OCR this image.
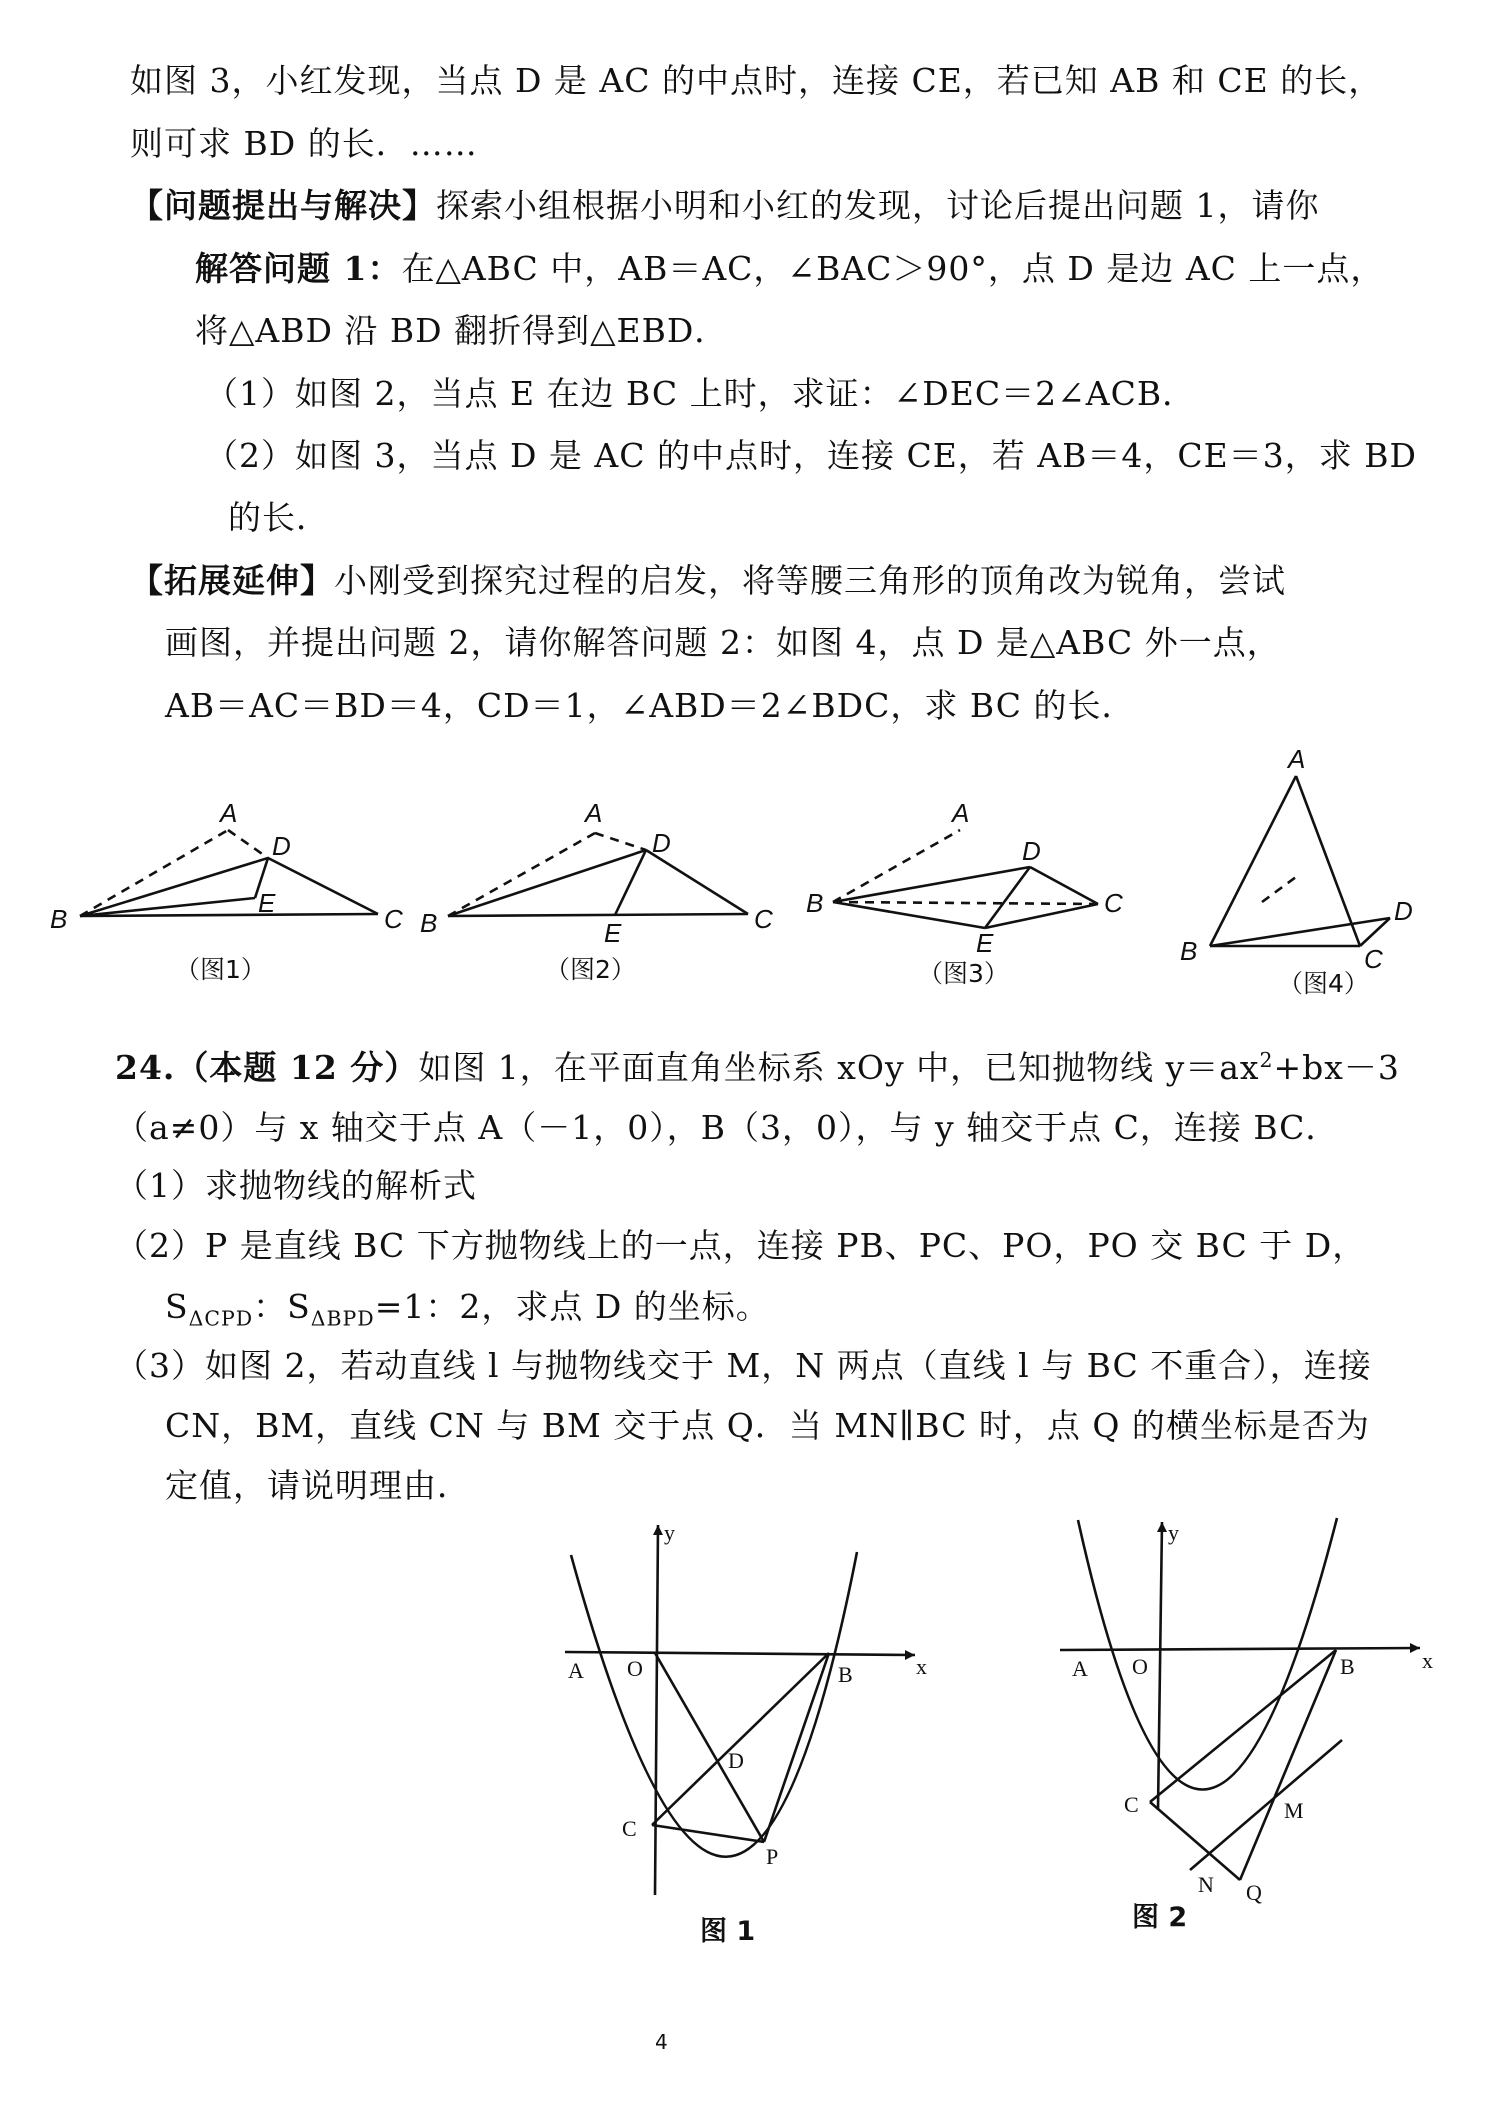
如图 3，小红发现，当点 D 是 AC 的中点时，连接 CE，若已知 AB 和 CE 的长，
则可求 BD 的长．……
【问题提出与解决】探索小组根据小明和小红的发现，讨论后提出问题 1，请你
解答问题 1：在△ABC 中，AB＝AC，∠BAC＞90°，点 D 是边 AC 上一点，
将△ABD 沿 BD 翻折得到△EBD．
（1）如图 2，当点 E 在边 BC 上时，求证：∠DEC＝2∠ACB．
（2）如图 3，当点 D 是 AC 的中点时，连接 CE，若 AB＝4，CE＝3，求 BD
的长．
【拓展延伸】小刚受到探究过程的启发，将等腰三角形的顶角改为锐角，尝试
画图，并提出问题 2，请你解答问题 2：如图 4，点 D 是△ABC 外一点，
AB＝AC＝BD＝4，CD＝1，∠ABD＝2∠BDC，求 BC 的长．
A
D
E
B	C
（图1）
A
D
E
B	C
（图2）
A
D
E
B	C
（图3）
A
B	C
D
（图4）
24.（本题 12 分）如图 1，在平面直角坐标系 xOy 中，已知抛物线 $y=ax^2+bx-3$
（a≠0）与 x 轴交于点 A（－1，0），B（3，0），与 y 轴交于点 C，连接 BC．
（1）求抛物线的解析式
（2）P 是直线 BC 下方抛物线上的一点，连接 PB、PC、PO，PO 交 BC 于 D，
$S_{\Delta CPD}$：$S_{\Delta BPD}=1$：2，求点 D 的坐标。
（3）如图 2，若动直线 l 与抛物线交于 M，N 两点（直线 l 与 BC 不重合），连接
CN，BM，直线 CN 与 BM 交于点 Q．当 MN∥BC 时，点 Q 的横坐标是否为
定值，请说明理由．
y
x
A O	B
D
C
P
图 1
y
x
A O	B
C	M
N Q
图 2
4
